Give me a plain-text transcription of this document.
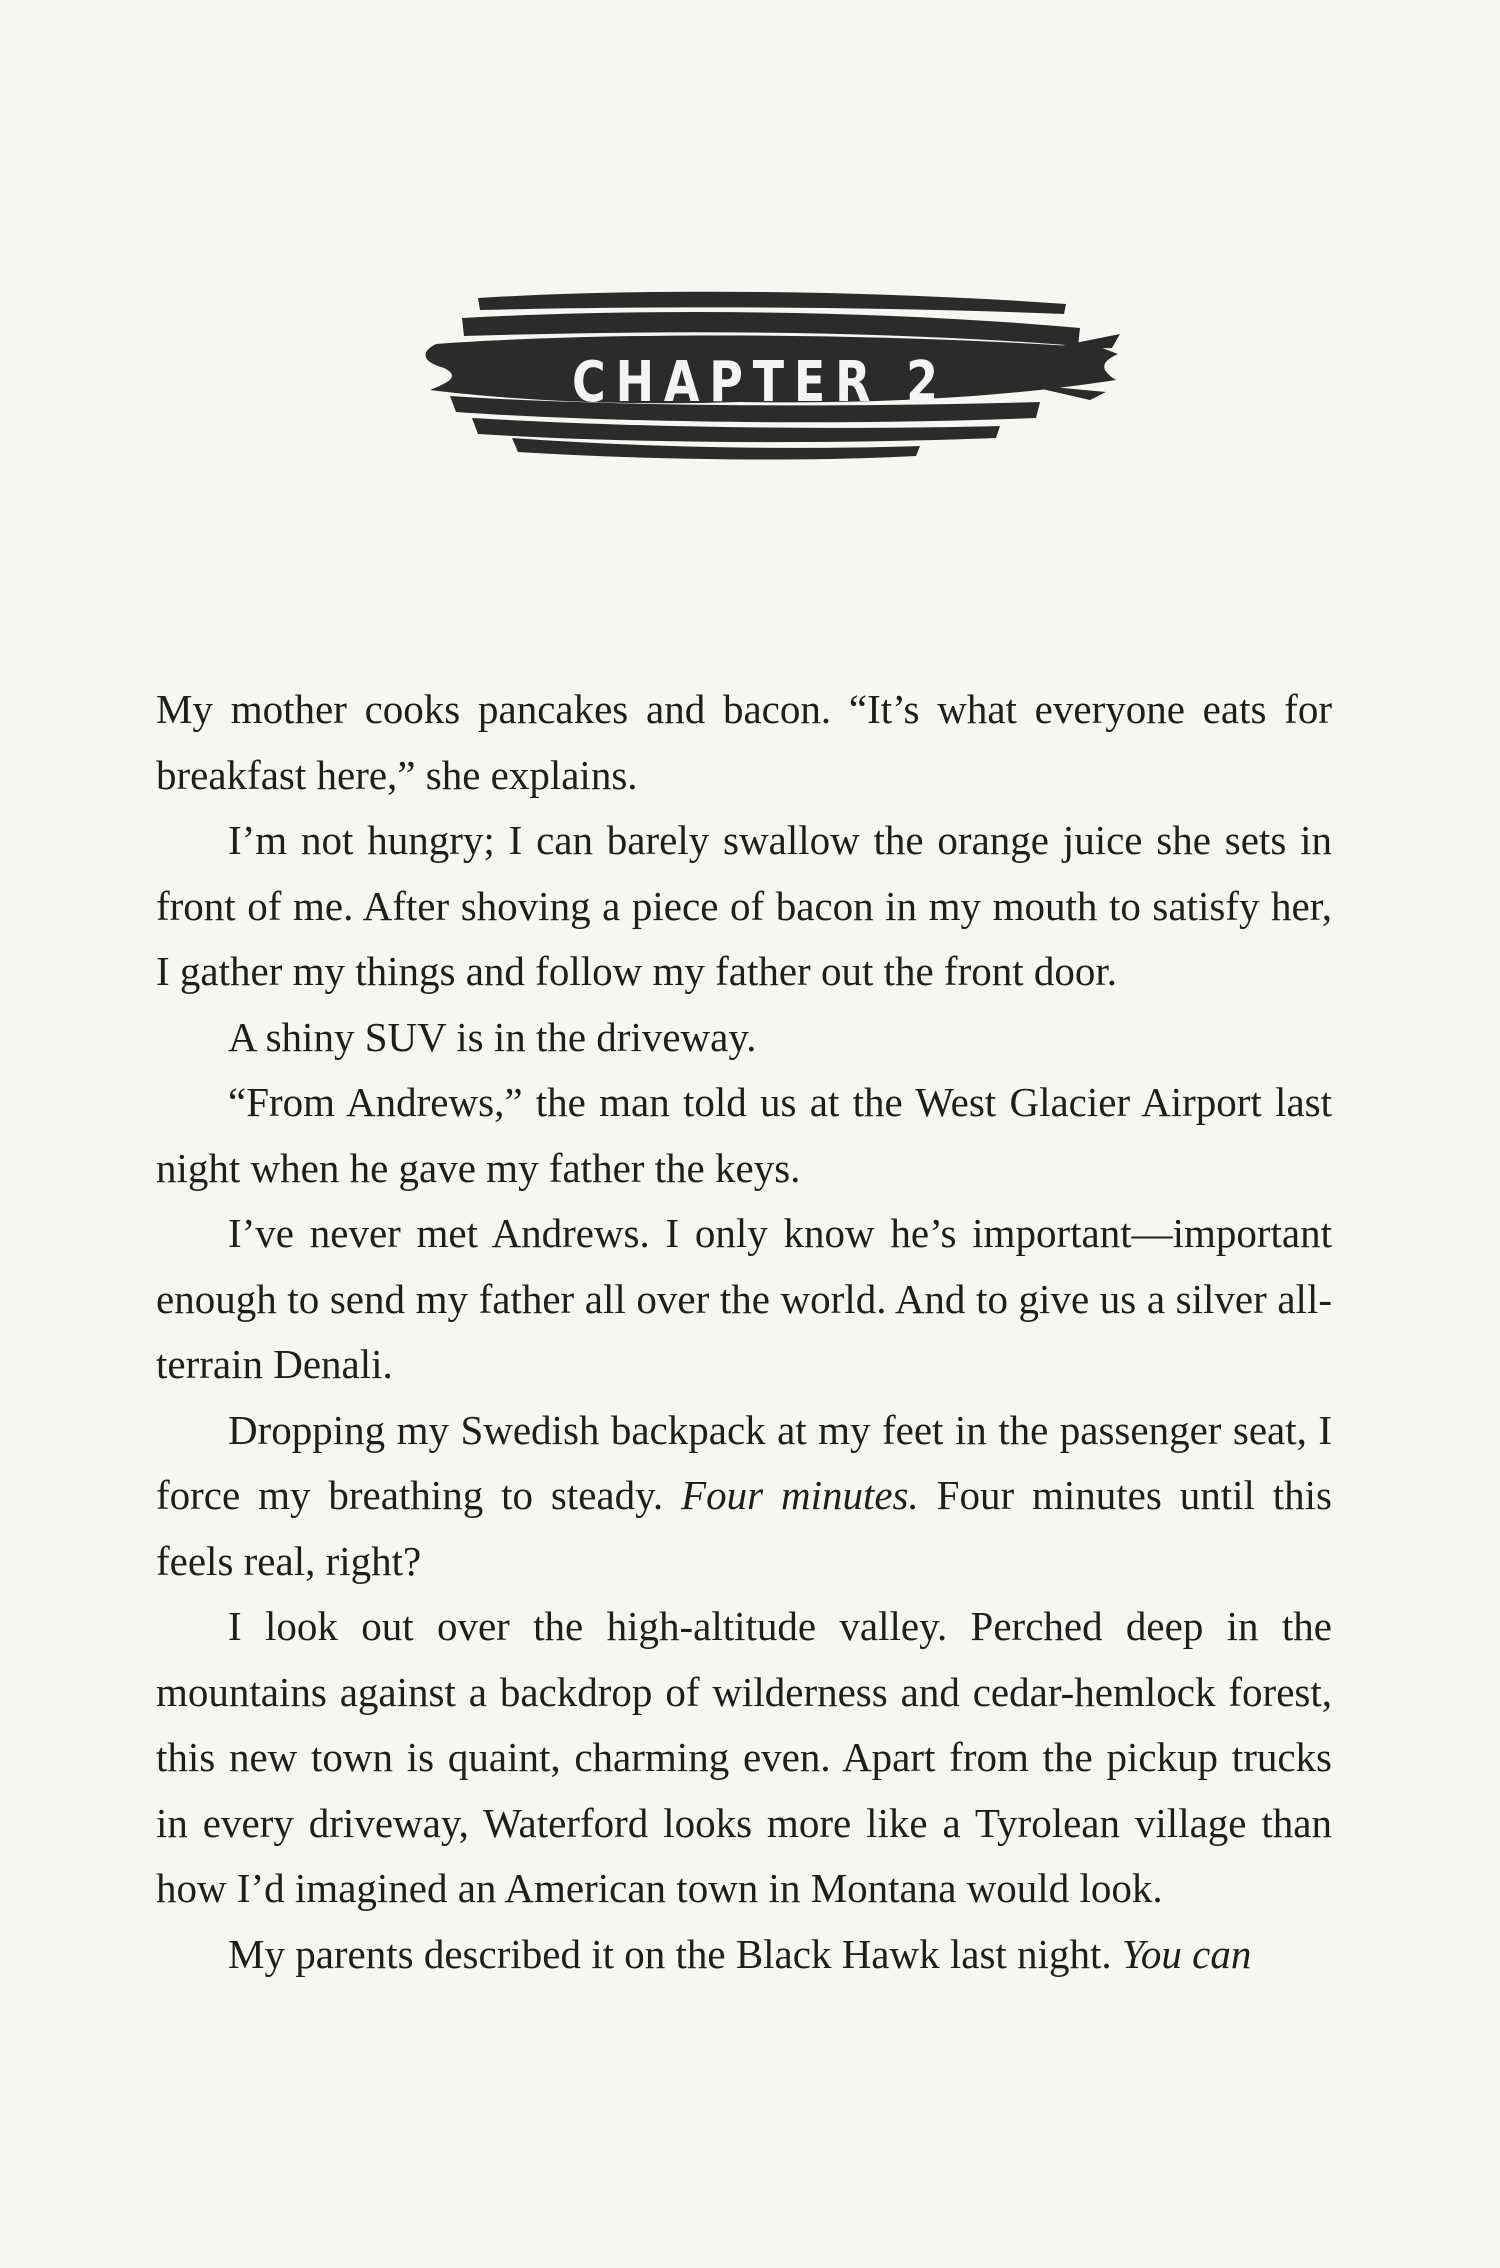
CHAPTER 2

My mother cooks pancakes and bacon. “It’s what everyone eats for breakfast here,” she explains.

I’m not hungry; I can barely swallow the orange juice she sets in front of me. After shoving a piece of bacon in my mouth to satisfy her, I gather my things and follow my father out the front door.

A shiny SUV is in the driveway.

“From Andrews,” the man told us at the West Glacier Airport last night when he gave my father the keys.

I’ve never met Andrews. I only know he’s important—important enough to send my father all over the world. And to give us a silver all-terrain Denali.

Dropping my Swedish backpack at my feet in the passenger seat, I force my breathing to steady. Four minutes. Four minutes until this feels real, right?

I look out over the high-altitude valley. Perched deep in the mountains against a backdrop of wilderness and cedar-hemlock forest, this new town is quaint, charming even. Apart from the pickup trucks in every driveway, Waterford looks more like a Tyrolean village than how I’d imagined an American town in Montana would look.

My parents described it on the Black Hawk last night. You can
